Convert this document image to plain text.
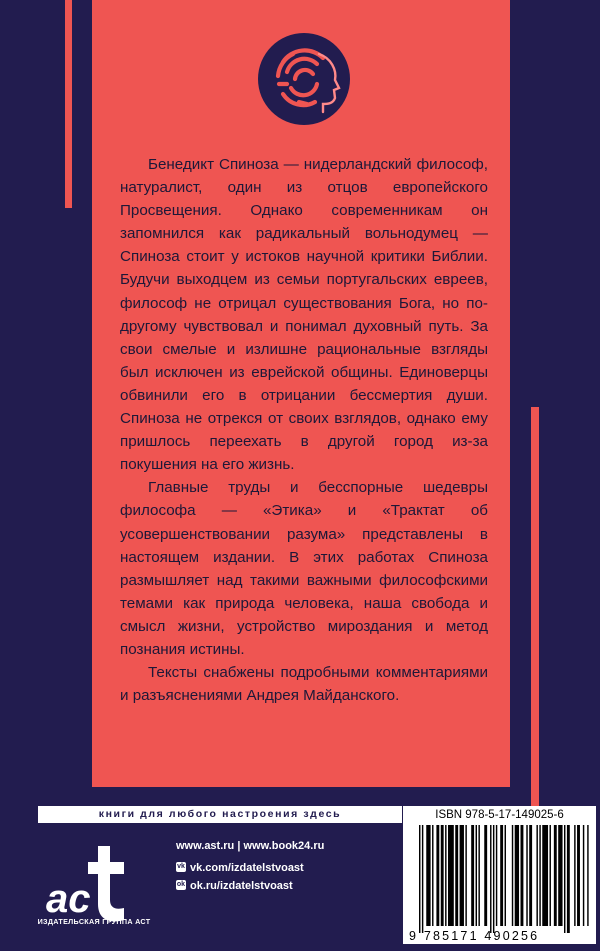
Бенедикт Спиноза — нидерландский философ, натуралист, один из отцов европейского Просвещения. Однако современникам он запомнился как радикальный вольнодумец — Спиноза стоит у истоков научной критики Библии. Будучи выходцем из семьи португальских евреев, философ не отрицал существования Бога, но по-другому чувствовал и понимал духовный путь. За свои смелые и излишне рациональные взгляды был исключен из еврейской общины. Единоверцы обвинили его в отрицании бессмертия души. Спиноза не отрекся от своих взглядов, однако ему пришлось переехать в другой город из-за покушения на его жизнь.

Главные труды и бесспорные шедевры философа — «Этика» и «Трактат об усовершенствовании разума» представлены в настоящем издании. В этих работах Спиноза размышляет над такими важными философскими темами как природа человека, наша свобода и смысл жизни, устройство мироздания и метод познания истины.

Тексты снабжены подробными комментариями и разъяснениями Андрея Майданского.

книги для любого настроения здесь
ac
ИЗДАТЕЛЬСКАЯ ГРУППА АСТ
www.ast.ru | www.book24.ru
vk vk.com/izdatelstvoast
ok ok.ru/izdatelstvoast
ISBN 978-5-17-149025-6
9 785171 490256
